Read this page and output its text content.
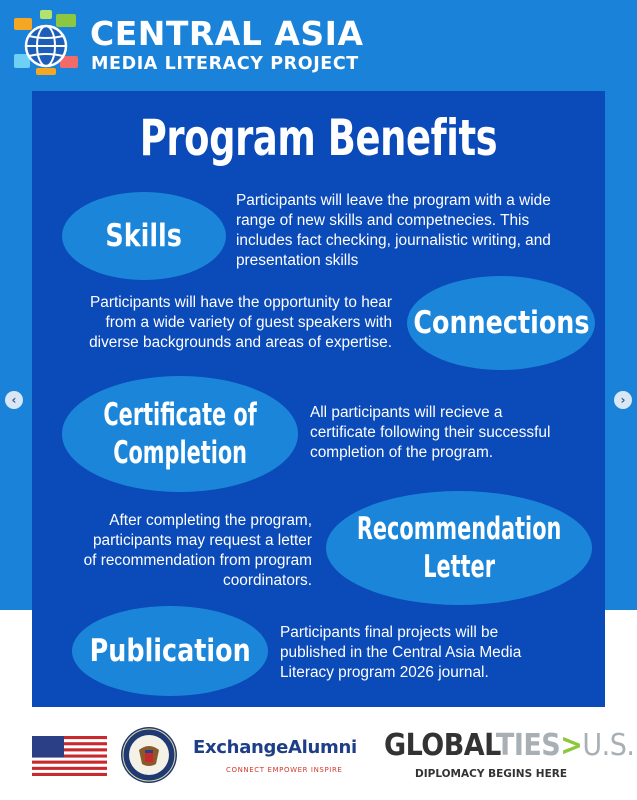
CENTRAL ASIA
MEDIA LITERACY PROJECT
‹	›
Program Benefits
Skills
Participants will leave the program with a wide
range of new skills and competnecies. This
includes fact checking, journalistic writing, and
presentation skills
Participants will have the opportunity to hear
from a wide variety of guest speakers with
diverse backgrounds and areas of expertise.
Connections
Certificate of
Completion
All participants will recieve a
certificate following their successful
completion of the program.
After completing the program,
participants may request a letter
of recommendation from program
coordinators.
Recommendation
Letter
Publication
Participants final projects will be
published in the Central Asia Media
Literacy program 2026 journal.
ExchangeAlumni
CONNECT EMPOWER INSPIRE
GLOBALTIES>U.S.
DIPLOMACY BEGINS HERE
